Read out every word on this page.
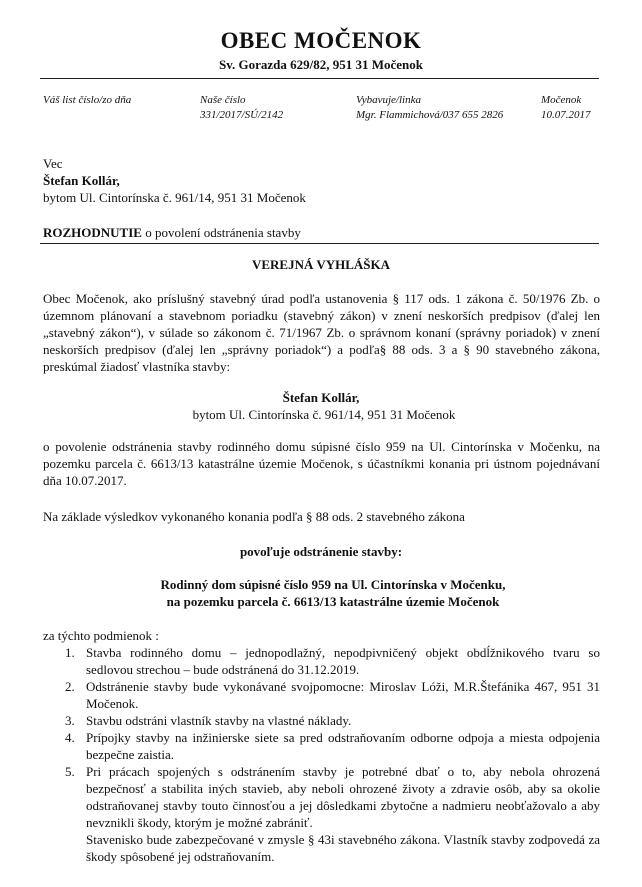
OBEC MOČENOK
Sv. Gorazda 629/82, 951 31 Močenok
Váš list číslo/zo dňa	Naše číslo
331/2017/SÚ/2142
Vybavuje/linka
Mgr. Flammichová/037 655 2826
Močenok
10.07.2017
Vec
Štefan Kollár,
bytom Ul. Cintorínska č. 961/14, 951 31 Močenok
ROZHODNUTIE o povolení odstránenia stavby
VEREJNÁ VYHLÁŠKA
Obec Močenok, ako príslušný stavebný úrad podľa ustanovenia § 117 ods. 1 zákona č. 50/1976 Zb. o územnom plánovaní a stavebnom poriadku (stavebný zákon) v znení neskorších predpisov (ďalej len „stavebný zákon“), v súlade so zákonom č. 71/1967 Zb. o správnom konaní (správny poriadok) v znení neskorších predpisov (ďalej len „správny poriadok“) a podľa§ 88 ods. 3 a § 90 stavebného zákona, preskúmal žiadosť vlastníka stavby:
Štefan Kollár,
bytom Ul. Cintorínska č. 961/14, 951 31 Močenok
o povolenie odstránenia stavby rodinného domu súpisné číslo 959 na Ul. Cintorínska v Močenku, na pozemku parcela č. 6613/13 katastrálne územie Močenok, s účastníkmi konania pri ústnom pojednávaní dňa 10.07.2017.
Na základe výsledkov vykonaného konania podľa § 88 ods. 2 stavebného zákona
povoľuje odstránenie stavby:
Rodinný dom súpisné číslo 959 na Ul. Cintorínska v Močenku,
na pozemku parcela č. 6613/13 katastrálne územie Močenok
za týchto podmienok :
1. Stavba rodinného domu – jednopodlažný, nepodpivničený objekt obdĺžnikového tvaru so sedlovou strechou – bude odstránená do 31.12.2019.
2. Odstránenie stavby bude vykonávané svojpomocne: Miroslav Lóži, M.R.Štefánika 467, 951 31 Močenok.
3. Stavbu odstráni vlastník stavby na vlastné náklady.
4. Prípojky stavby na inžinierske siete sa pred odstraňovaním odborne odpoja a miesta odpojenia bezpečne zaistia.
5. Pri prácach spojených s odstránením stavby je potrebné dbať o to, aby nebola ohrozená bezpečnosť a stabilita iných stavieb, aby neboli ohrozené životy a zdravie osôb, aby sa okolie odstraňovanej stavby touto činnosťou a jej dôsledkami zbytočne a nadmieru neobťažovalo a aby nevznikli škody, ktorým je možné zabrániť.
Stavenisko bude zabezpečované v zmysle § 43i stavebného zákona. Vlastník stavby zodpovedá za škody spôsobené jej odstraňovaním.
